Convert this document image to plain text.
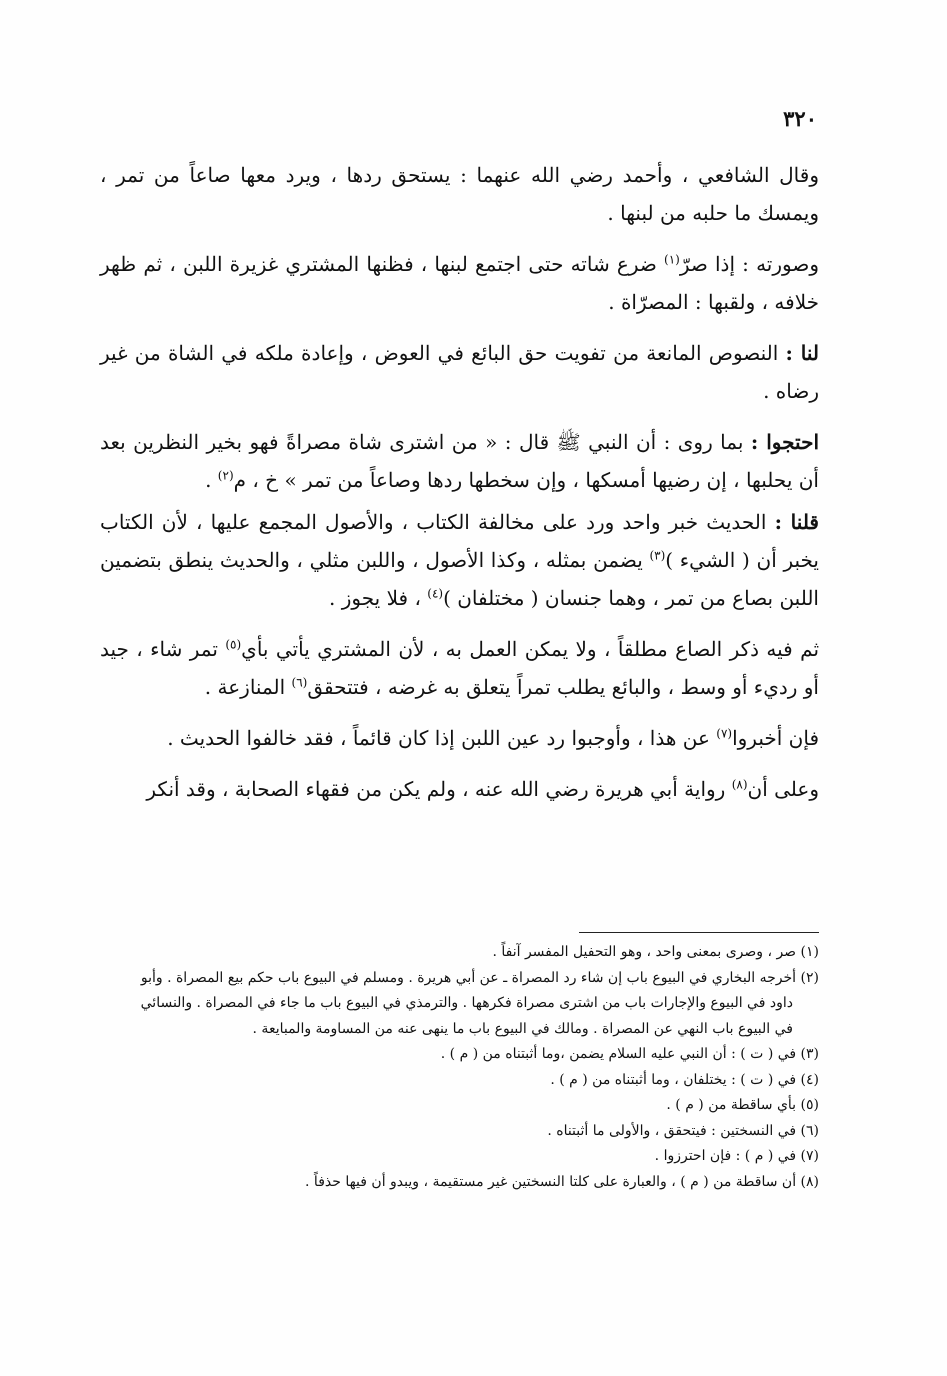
٣٢٠

وقال الشافعي ، وأحمد رضي الله عنهما : يستحق ردها ، ويرد معها صاعاً من تمر ، ويمسك ما حلبه من لبنها .

وصورته : إذا صرّ$^{(١)}$ ضرع شاته حتى اجتمع لبنها ، فظنها المشتري غزيرة اللبن ، ثم ظهر خلافه ، ولقبها : المصرّاة .

لنا : النصوص المانعة من تفويت حق البائع في العوض ، وإعادة ملكه في الشاة من غير رضاه .

احتجوا : بما روى : أن النبي ﷺ قال : « من اشترى شاة مصراةً فهو بخير النظرين بعد أن يحلبها ، إن رضيها أمسكها ، وإن سخطها ردها وصاعاً من تمر » خ ، م$^{(٢)}$ .

قلنا : الحديث خبر واحد ورد على مخالفة الكتاب ، والأصول المجمع عليها ، لأن الكتاب يخبر أن ( الشيء )$^{(٣)}$ يضمن بمثله ، وكذا الأصول ، واللبن مثلي ، والحديث ينطق بتضمين اللبن بصاع من تمر ، وهما جنسان ( مختلفان )$^{(٤)}$ ، فلا يجوز .

ثم فيه ذكر الصاع مطلقاً ، ولا يمكن العمل به ، لأن المشتري يأتي بأي$^{(٥)}$ تمر شاء ، جيد أو رديء أو وسط ، والبائع يطلب تمراً يتعلق به غرضه ، فتتحقق$^{(٦)}$ المنازعة .

فإن أخبروا$^{(٧)}$ عن هذا ، وأوجبوا رد عين اللبن إذا كان قائماً ، فقد خالفوا الحديث .

وعلى أن$^{(٨)}$ رواية أبي هريرة رضي الله عنه ، ولم يكن من فقهاء الصحابة ، وقد أنكر

(١) صر ، وصرى بمعنى واحد ، وهو التحفيل المفسر آنفاً .

(٢) أخرجه البخاري في البيوع باب إن شاء رد المصراة ـ عن أبي هريرة . ومسلم في البيوع باب حكم بيع المصراة . وأبو
داود في البيوع والإجارات باب من اشترى مصراة فكرهها . والترمذي في البيوع باب ما جاء في المصراة . والنسائي
في البيوع باب النهي عن المصراة . ومالك في البيوع باب ما ينهى عنه من المساومة والمبايعة .

(٣) في ( ت ) : أن النبي عليه السلام يضمن ،وما أثبتناه من ( م ) .

(٤) في ( ت ) : يختلفان ، وما أثبتناه من ( م ) .

(٥) بأي ساقطة من ( م ) .

(٦) في النسختين : فيتحقق ، والأولى ما أثبتناه .

(٧) في ( م ) : فإن احترزوا .

(٨) أن ساقطة من ( م ) ، والعبارة على كلتا النسختين غير مستقيمة ، ويبدو أن فيها حذفاً .
